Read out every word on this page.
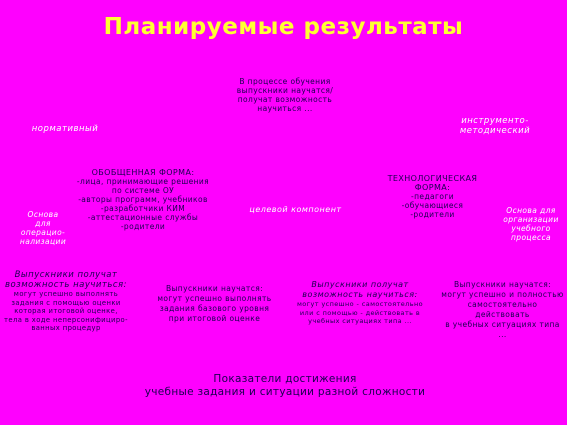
Планируемые результаты
В процессе обучения
выпускники научатся/
получат возможность
научиться ...
нормативный
инструменто-
методический
ОБОБЩЕННАЯ ФОРМА:
-лица, принимающие решения
по системе ОУ
-авторы программ, учебников
-разработчики КИМ
-аттестационные службы
-родители
ТЕХНОЛОГИЧЕСКАЯ
ФОРМА:
-педагоги
-обучающиеся
-родители
целевой компонент
Основа
для
операцио-
нализации
Основа для
организации
учебного
процесса
Выпускники получат
возможность научиться:
могут успешно выполнять
задания с помощью оценки
которая итоговой оценке,
тела в ходе неперсонифициро-
ванных процедур
Выпускники научатся:
могут успешно выполнять
задания базового уровня
при итоговой оценке
Выпускники получат
возможность научиться:
могут успешно - самостоятельно
или с помощью - действовать в
учебных ситуациях типа ...
Выпускники научатся:
могут успешно и полностью
самостоятельно действовать
в учебных ситуациях типа ...
Показатели достижения
учебные задания и ситуации разной сложности
